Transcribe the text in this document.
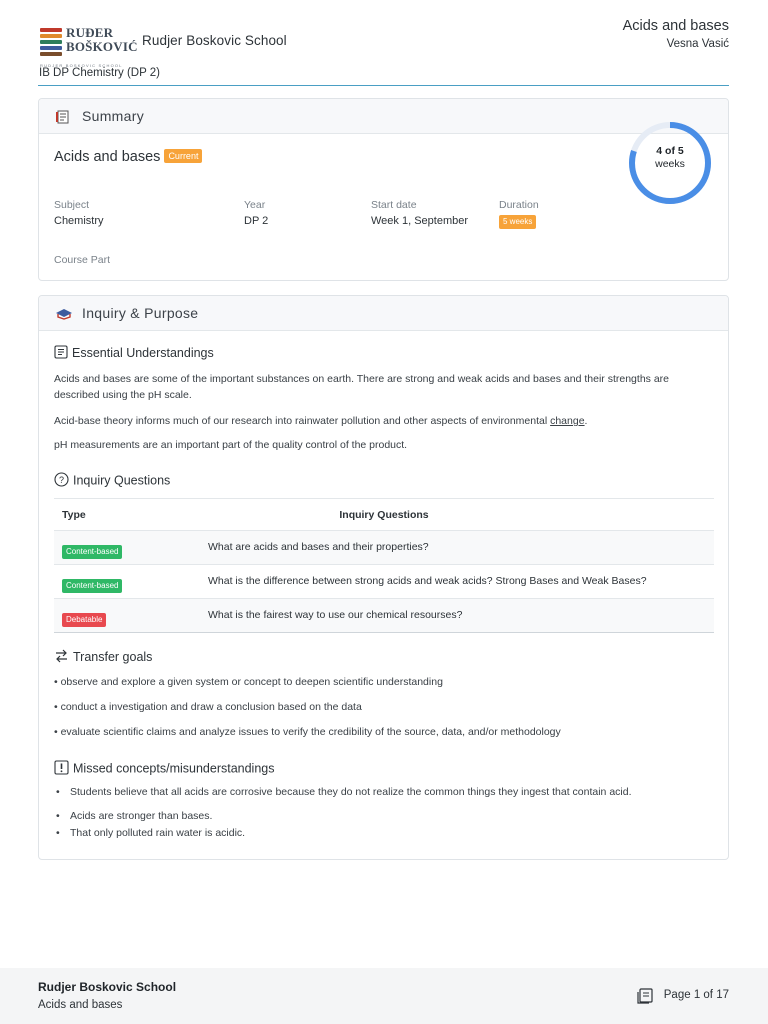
RUĐER
BOŠKOVIĆ
RUDJER BOSKOVIC SCHOOL
Rudjer Boskovic School
Acids and bases
Vesna Vasić
IB DP Chemistry (DP 2)
Summary
Acids and bases Current
Subject
Chemistry
Year
DP 2
Start date
Week 1, September
Duration
5 weeks
Course Part
4 of 5
weeks
Inquiry & Purpose
Essential Understandings
Acids and bases are some of the important substances on earth. There are strong and weak acids and bases and their strengths are described using the pH scale.
Acid-base theory informs much of our research into rainwater pollution and other aspects of environmental change.
pH measurements are an important part of the quality control of the product.
? Inquiry Questions
Type	Inquiry Questions
Content-based	What are acids and bases and their properties?
Content-based	What is the difference between strong acids and weak acids? Strong Bases and Weak Bases?
Debatable	What is the fairest way to use our chemical resourses?
Transfer goals
• observe and explore a given system or concept to deepen scientific understanding
• conduct a investigation and draw a conclusion based on the data
• evaluate scientific claims and analyze issues to verify the credibility of the source, data, and/or methodology
Missed concepts/misunderstandings
• Students believe that all acids are corrosive because they do not realize the common things they ingest that contain acid.
• Acids are stronger than bases.
• That only polluted rain water is acidic.
Rudjer Boskovic School
Acids and bases
Page 1 of 17
